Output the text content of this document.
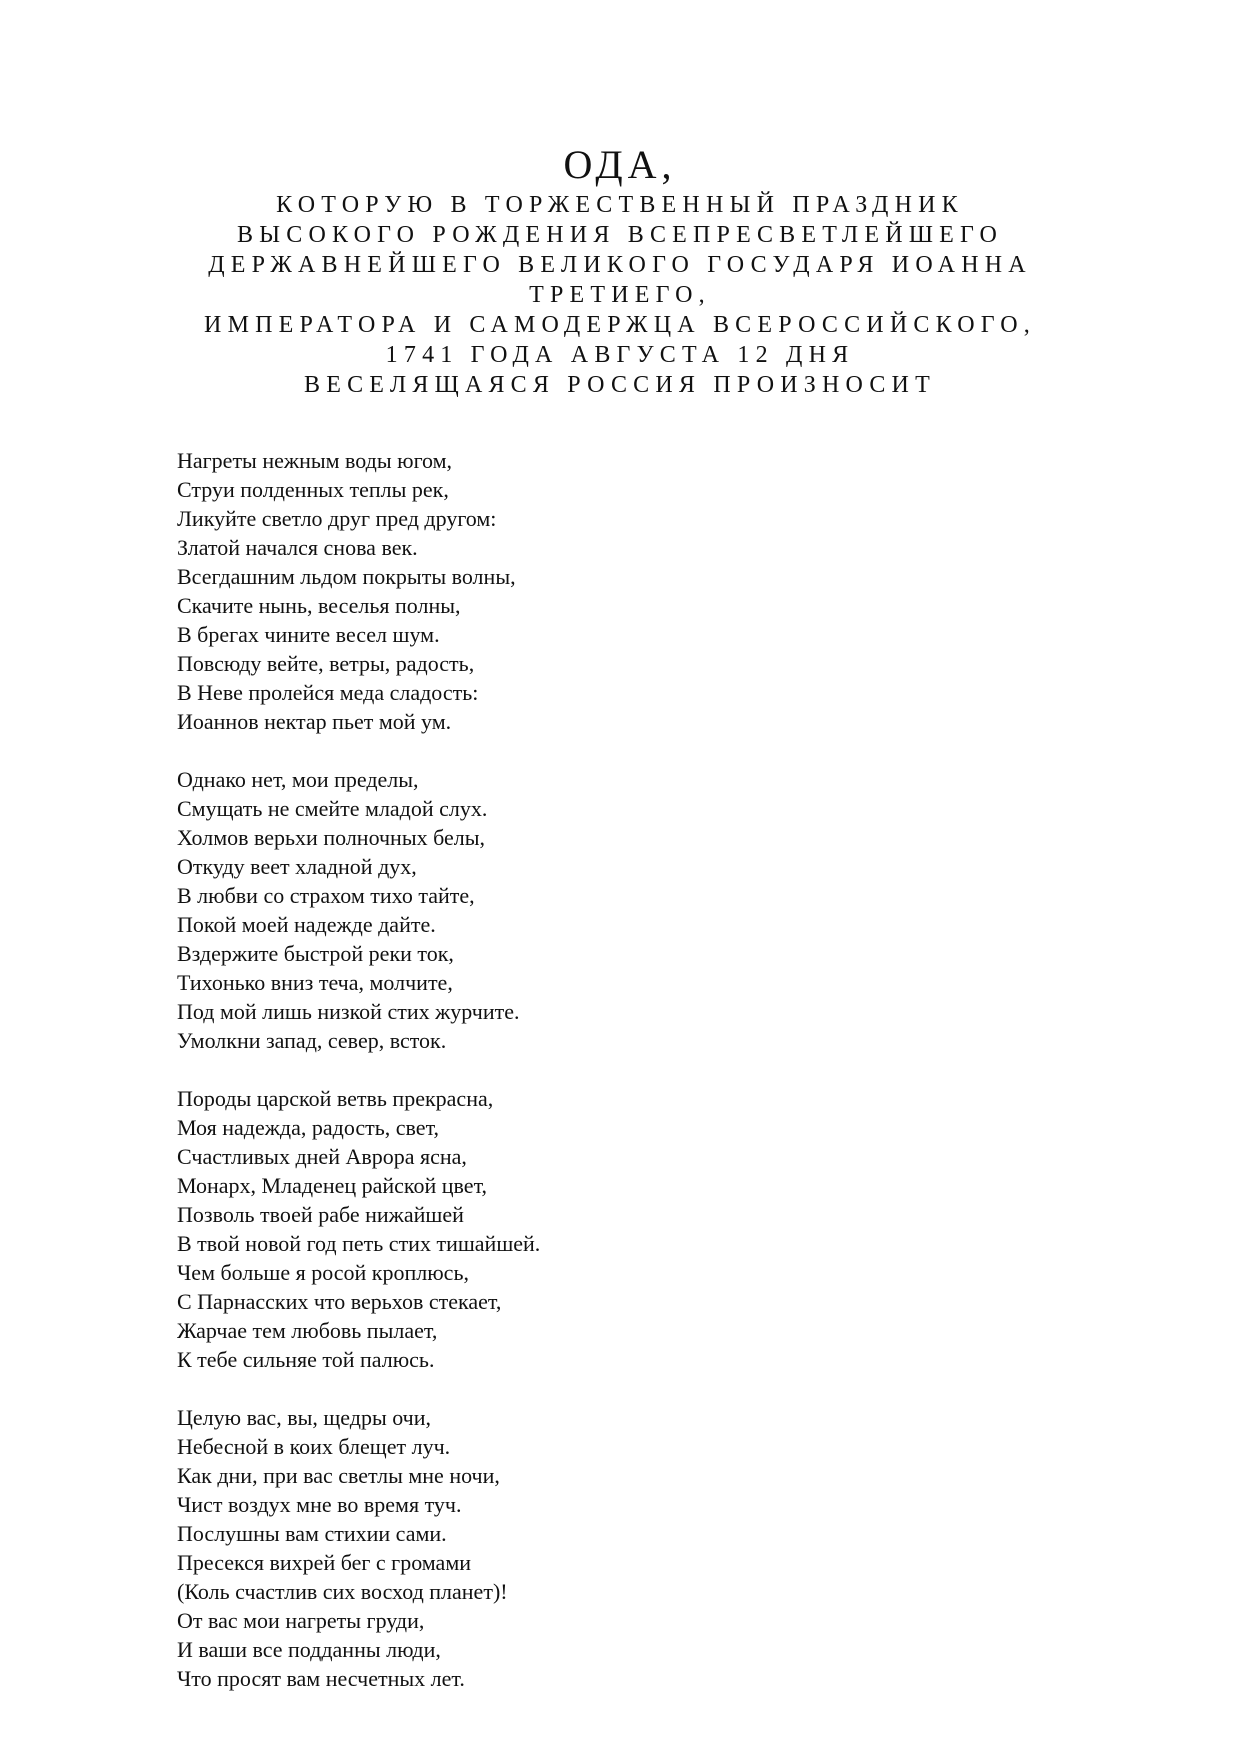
ОДА,

КОТОРУЮ В ТОРЖЕСТВЕННЫЙ ПРАЗДНИК

ВЫСОКОГО РОЖДЕНИЯ ВСЕПРЕСВЕТЛЕЙШЕГО

ДЕРЖАВНЕЙШЕГО ВЕЛИКОГО ГОСУДАРЯ ИОАННА

ТРЕТИЕГО,

ИМПЕРАТОРА И САМОДЕРЖЦА ВСЕРОССИЙСКОГО,

1741 ГОДА АВГУСТА 12 ДНЯ

ВЕСЕЛЯЩАЯСЯ РОССИЯ ПРОИЗНОСИТ

Нагреты нежным воды югом,
Струи полденных теплы рек,
Ликуйте светло друг пред другом:
Златой начался снова век.
Всегдашним льдом покрыты волны,
Скачите нынь, веселья полны,
В брегах чините весел шум.
Повсюду вейте, ветры, радость,
В Неве пролейся меда сладость:
Иоаннов нектар пьет мой ум.
Однако нет, мои пределы,
Смущать не смейте младой слух.
Холмов верьхи полночных белы,
Откуду веет хладной дух,
В любви со страхом тихо тайте,
Покой моей надежде дайте.
Вздержите быстрой реки ток,
Тихонько вниз теча, молчите,
Под мой лишь низкой стих журчите.
Умолкни запад, север, всток.
Породы царской ветвь прекрасна,
Моя надежда, радость, свет,
Счастливых дней Аврора ясна,
Монарх, Младенец райской цвет,
Позволь твоей рабе нижайшей
В твой новой год петь стих тишайшей.
Чем больше я росой кроплюсь,
С Парнасских что верьхов стекает,
Жарчае тем любовь пылает,
К тебе сильняе той палюсь.
Целую вас, вы, щедры очи,
Небесной в коих блещет луч.
Как дни, при вас светлы мне ночи,
Чист воздух мне во время туч.
Послушны вам стихии сами.
Пресекся вихрей бег с громами
(Коль счастлив сих восход планет)!
От вас мои нагреты груди,
И ваши все подданны люди,
Что просят вам несчетных лет.
